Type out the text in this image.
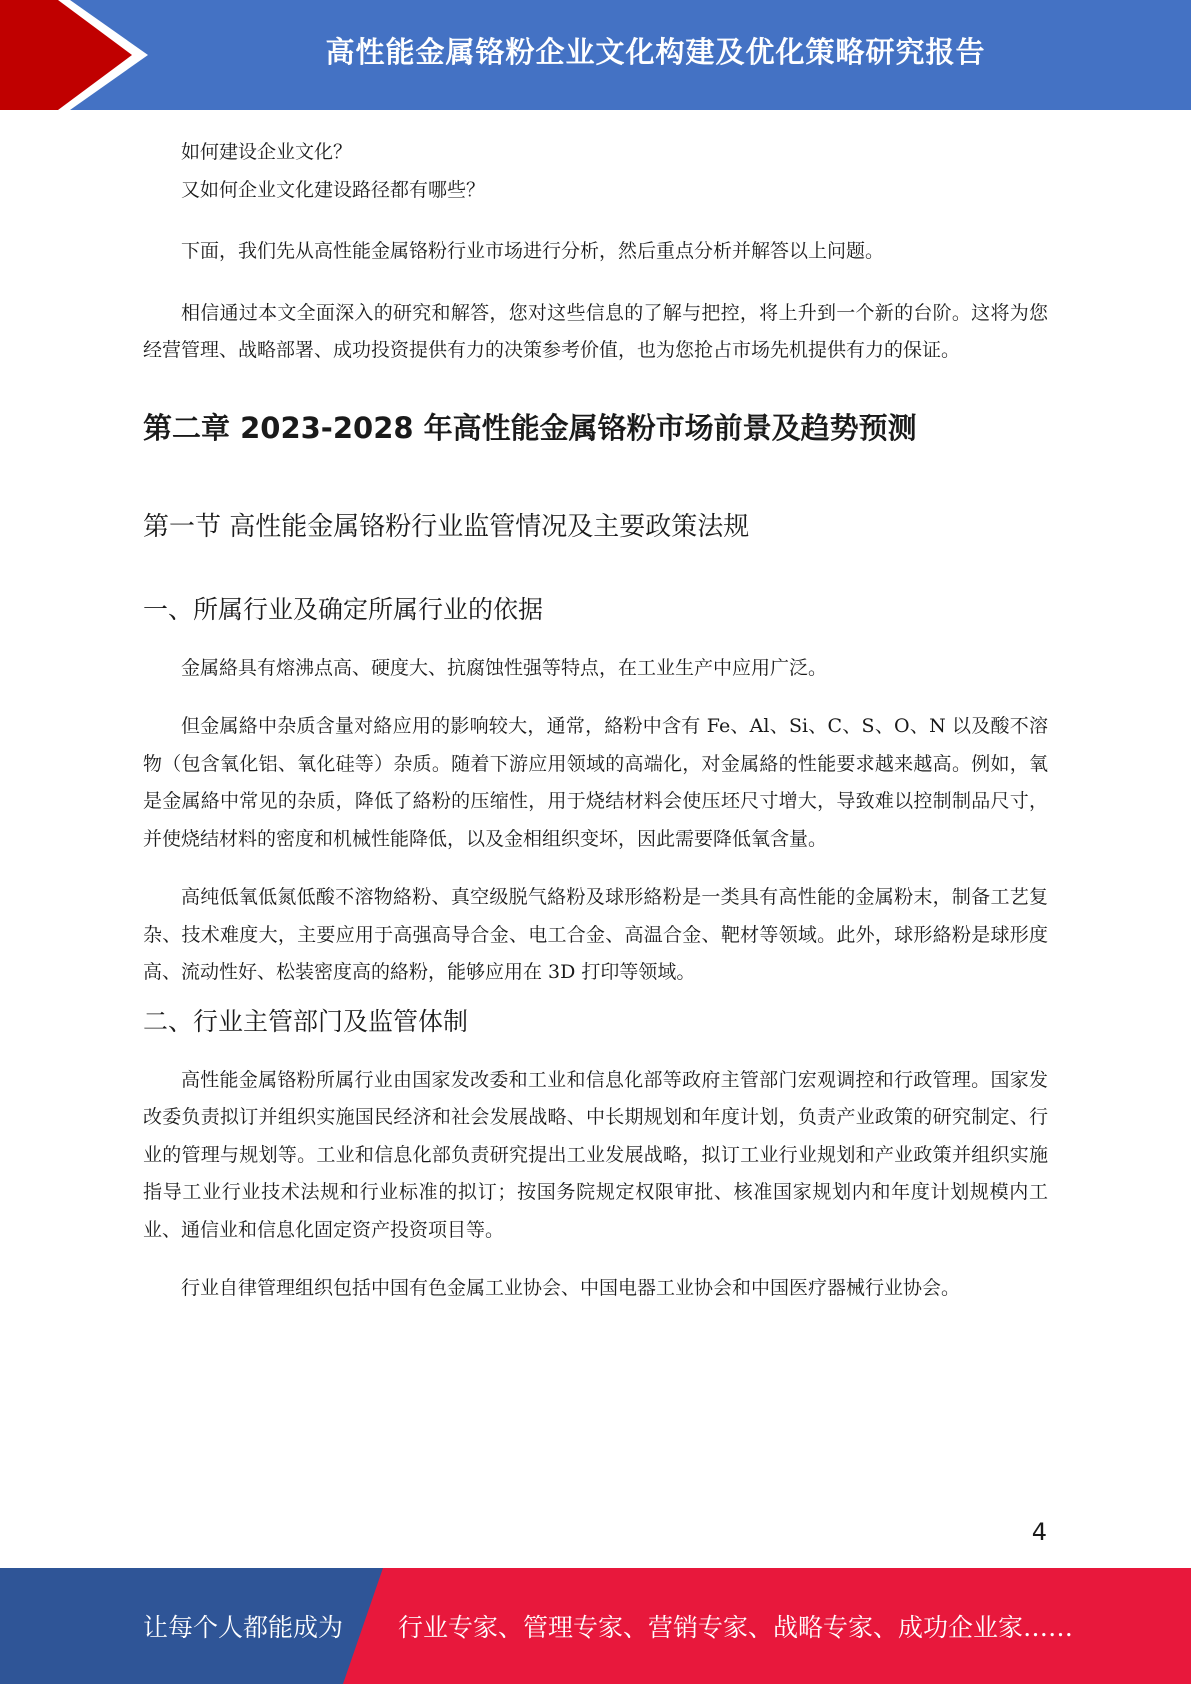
高性能金属铬粉企业文化构建及优化策略研究报告

如何建设企业文化？

又如何企业文化建设路径都有哪些？

下面，我们先从高性能金属铬粉行业市场进行分析，然后重点分析并解答以上问题。

相信通过本文全面深入的研究和解答，您对这些信息的了解与把控，将上升到一个新的台阶。这将为您经营管理、战略部署、成功投资提供有力的决策参考价值，也为您抢占市场先机提供有力的保证。

第二章 2023-2028 年高性能金属铬粉市场前景及趋势预测
第一节 高性能金属铬粉行业监管情况及主要政策法规
一、所属行业及确定所属行业的依据

金属絡具有熔沸点高、硬度大、抗腐蚀性强等特点，在工业生产中应用广泛。

但金属絡中杂质含量对絡应用的影响较大，通常，絡粉中含有 Fe、Al、Si、C、S、O、N 以及酸不溶物（包含氧化铝、氧化硅等）杂质。随着下游应用领域的高端化，对金属絡的性能要求越来越高。例如，氧是金属絡中常见的杂质，降低了絡粉的压缩性，用于烧结材料会使压坯尺寸增大，导致难以控制制品尺寸，并使烧结材料的密度和机械性能降低，以及金相组织变坏，因此需要降低氧含量。

高纯低氧低氮低酸不溶物絡粉、真空级脱气絡粉及球形絡粉是一类具有高性能的金属粉末，制备工艺复杂、技术难度大，主要应用于高强高导合金、电工合金、高温合金、靶材等领域。此外，球形絡粉是球形度高、流动性好、松装密度高的絡粉，能够应用在 3D 打印等领域。

二、行业主管部门及监管体制

高性能金属铬粉所属行业由国家发改委和工业和信息化部等政府主管部门宏观调控和行政管理。国家发改委负责拟订并组织实施国民经济和社会发展战略、中长期规划和年度计划，负责产业政策的研究制定、行业的管理与规划等。工业和信息化部负责研究提出工业发展战略，拟订工业行业规划和产业政策并组织实施指导工业行业技术法规和行业标准的拟订；按国务院规定权限审批、核准国家规划内和年度计划规模内工业、通信业和信息化固定资产投资项目等。

行业自律管理组织包括中国有色金属工业协会、中国电器工业协会和中国医疗器械行业协会。

4
让每个人都能成为 行业专家、管理专家、营销专家、战略专家、成功企业家……
